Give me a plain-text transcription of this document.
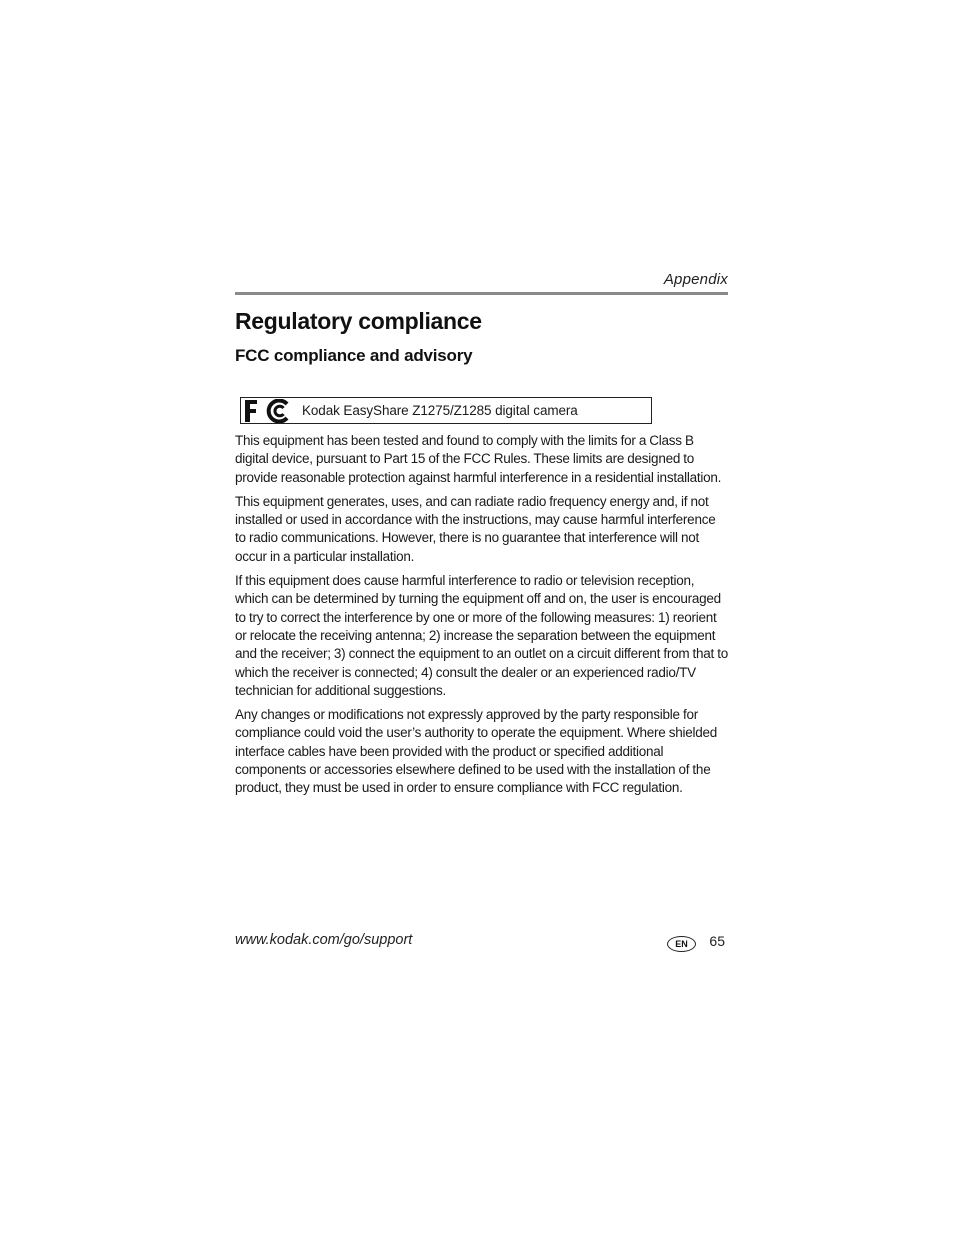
Appendix
Regulatory compliance
FCC compliance and advisory
Kodak EasyShare Z1275/Z1285 digital camera

This equipment has been tested and found to comply with the limits for a Class B digital device, pursuant to Part 15 of the FCC Rules. These limits are designed to provide reasonable protection against harmful interference in a residential installation.

This equipment generates, uses, and can radiate radio frequency energy and, if not installed or used in accordance with the instructions, may cause harmful interference to radio communications. However, there is no guarantee that interference will not occur in a particular installation.

If this equipment does cause harmful interference to radio or television reception, which can be determined by turning the equipment off and on, the user is encouraged to try to correct the interference by one or more of the following measures: 1) reorient or relocate the receiving antenna; 2) increase the separation between the equipment and the receiver; 3) connect the equipment to an outlet on a circuit different from that to which the receiver is connected; 4) consult the dealer or an experienced radio/TV technician for additional suggestions.

Any changes or modifications not expressly approved by the party responsible for compliance could void the user’s authority to operate the equipment. Where shielded interface cables have been provided with the product or specified additional components or accessories elsewhere defined to be used with the installation of the product, they must be used in order to ensure compliance with FCC regulation.

www.kodak.com/go/support	EN	65
